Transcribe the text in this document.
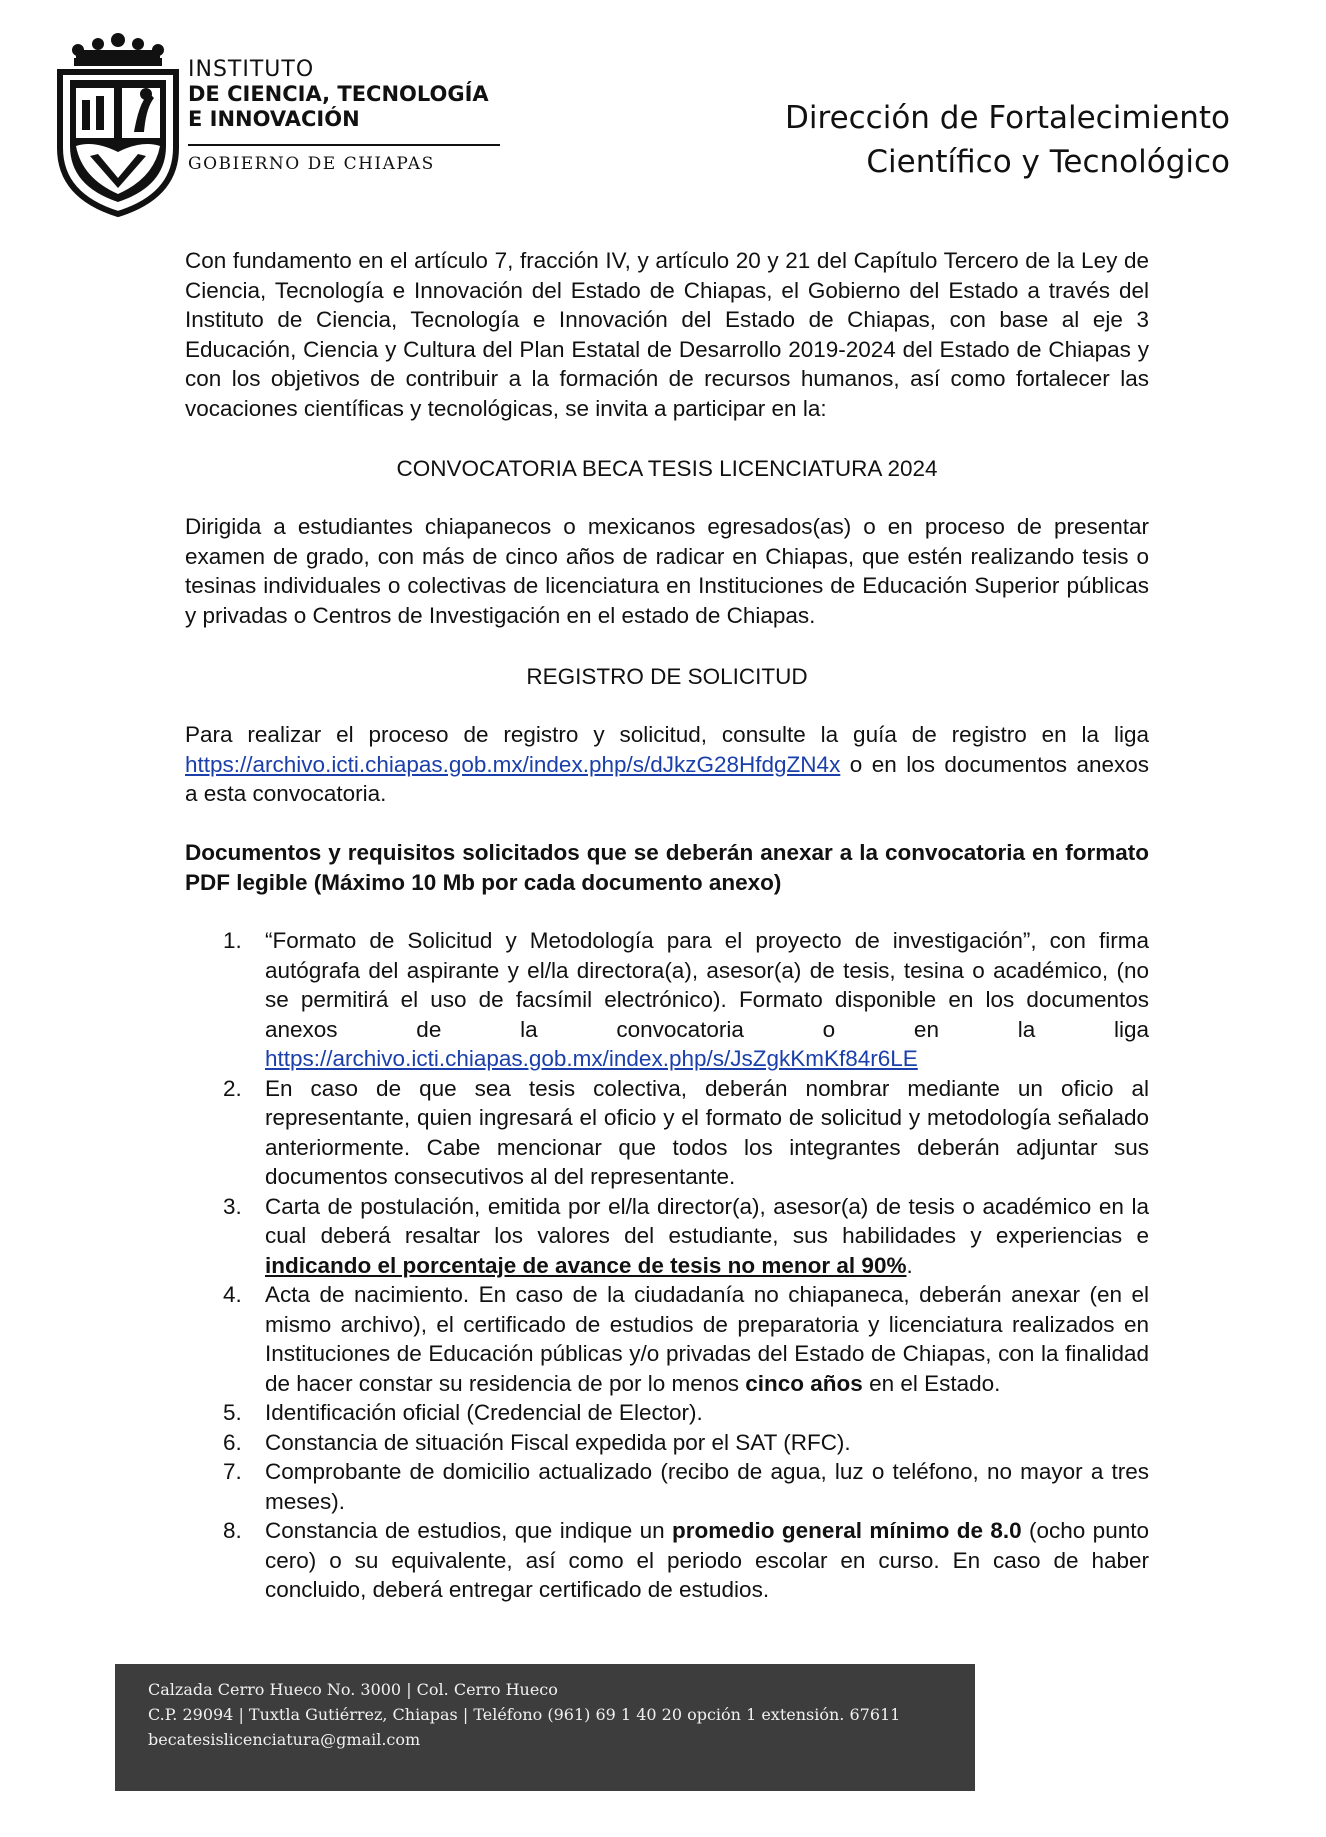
INSTITUTO
DE CIENCIA, TECNOLOGÍA
E INNOVACIÓN
GOBIERNO DE CHIAPAS
Dirección de Fortalecimiento
Científico y Tecnológico
Con fundamento en el artículo 7, fracción IV, y artículo 20 y 21 del Capítulo Tercero de la Ley de Ciencia, Tecnología e Innovación del Estado de Chiapas, el Gobierno del Estado a través del Instituto de Ciencia, Tecnología e Innovación del Estado de Chiapas, con base al eje 3 Educación, Ciencia y Cultura del Plan Estatal de Desarrollo 2019-2024 del Estado de Chiapas y con los objetivos de contribuir a la formación de recursos humanos, así como fortalecer las vocaciones científicas y tecnológicas, se invita a participar en la:
CONVOCATORIA BECA TESIS LICENCIATURA 2024
Dirigida a estudiantes chiapanecos o mexicanos egresados(as) o en proceso de presentar examen de grado, con más de cinco años de radicar en Chiapas, que estén realizando tesis o tesinas individuales o colectivas de licenciatura en Instituciones de Educación Superior públicas y privadas o Centros de Investigación en el estado de Chiapas.
REGISTRO DE SOLICITUD
Para realizar el proceso de registro y solicitud, consulte la guía de registro en la liga https://archivo.icti.chiapas.gob.mx/index.php/s/dJkzG28HfdgZN4x o en los documentos anexos a esta convocatoria.
Documentos y requisitos solicitados que se deberán anexar a la convocatoria en formato PDF legible (Máximo 10 Mb por cada documento anexo)
1.	“Formato de Solicitud y Metodología para el proyecto de investigación”, con firma autógrafa del aspirante y el/la directora(a), asesor(a) de tesis, tesina o académico, (no se permitirá el uso de facsímil electrónico). Formato disponible en los documentos anexos de la convocatoria o en la liga https://archivo.icti.chiapas.gob.mx/index.php/s/JsZgkKmKf84r6LE
2.	En caso de que sea tesis colectiva, deberán nombrar mediante un oficio al representante, quien ingresará el oficio y el formato de solicitud y metodología señalado anteriormente. Cabe mencionar que todos los integrantes deberán adjuntar sus documentos consecutivos al del representante.
3.	Carta de postulación, emitida por el/la director(a), asesor(a) de tesis o académico en la cual deberá resaltar los valores del estudiante, sus habilidades y experiencias e indicando el porcentaje de avance de tesis no menor al 90%.
4.	Acta de nacimiento. En caso de la ciudadanía no chiapaneca, deberán anexar (en el mismo archivo), el certificado de estudios de preparatoria y licenciatura realizados en Instituciones de Educación públicas y/o privadas del Estado de Chiapas, con la finalidad de hacer constar su residencia de por lo menos cinco años en el Estado.
5.	Identificación oficial (Credencial de Elector).
6.	Constancia de situación Fiscal expedida por el SAT (RFC).
7.	Comprobante de domicilio actualizado (recibo de agua, luz o teléfono, no mayor a tres meses).
8.	Constancia de estudios, que indique un promedio general mínimo de 8.0 (ocho punto cero) o su equivalente, así como el periodo escolar en curso. En caso de haber concluido, deberá entregar certificado de estudios.
Calzada Cerro Hueco No. 3000 | Col. Cerro Hueco
C.P. 29094 | Tuxtla Gutiérrez, Chiapas | Teléfono (961) 69 1 40 20 opción 1 extensión. 67611
becatesislicenciatura@gmail.com
